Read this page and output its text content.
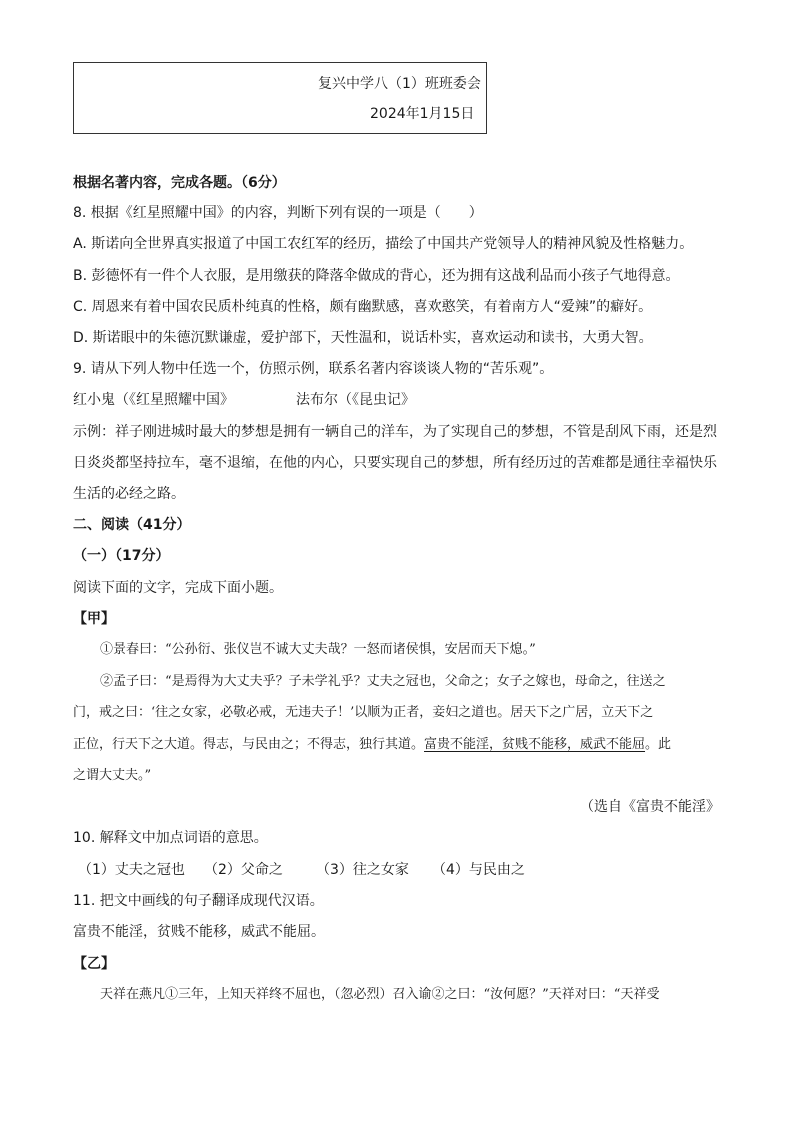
复兴中学八（1）班班委会
2024年1月15日
根据名著内容，完成各题。（6分）
8. 根据《红星照耀中国》的内容，判断下列有误的一项是（　　）
A. 斯诺向全世界真实报道了中国工农红军的经历，描绘了中国共产党领导人的精神风貌及性格魅力。
B. 彭德怀有一件个人衣服，是用缴获的降落伞做成的背心，还为拥有这战利品而小孩子气地得意。
C. 周恩来有着中国农民质朴纯真的性格，颇有幽默感，喜欢憨笑，有着南方人“爱辣”的癖好。
D. 斯诺眼中的朱德沉默谦虚，爱护部下，天性温和，说话朴实，喜欢运动和读书，大勇大智。
9. 请从下列人物中任选一个，仿照示例，联系名著内容谈谈人物的“苦乐观”。
红小鬼（《红星照耀中国》	法布尔（《昆虫记》
示例：祥子刚进城时最大的梦想是拥有一辆自己的洋车，为了实现自己的梦想，不管是刮风下雨，还是烈
日炎炎都坚持拉车，毫不退缩，在他的内心，只要实现自己的梦想，所有经历过的苦难都是通往幸福快乐
生活的必经之路。
二、阅读（41分）
（一）（17分）
阅读下面的文字，完成下面小题。
【甲】
①景春曰：“公孙衍、张仪岂不诚大丈夫哉？一怒而诸侯惧，安居而天下熄。”
②孟子曰：“是焉得为大丈夫乎？子未学礼乎？丈夫之冠也，父命之；女子之嫁也，母命之，往送之
门，戒之曰：‘往之女家，必敬必戒，无违夫子！’以顺为正者，妾妇之道也。居天下之广居，立天下之
正位，行天下之大道。得志，与民由之；不得志，独行其道。富贵不能淫，贫贱不能移，威武不能屈。此
之谓大丈夫。”
（选自《富贵不能淫》
10. 解释文中加点词语的意思。
（1）丈夫之冠也 （2）父命之 （3）往之女家 （4）与民由之
11. 把文中画线的句子翻译成现代汉语。
富贵不能淫，贫贱不能移，威武不能屈。
【乙】
天祥在燕凡①三年，上知天祥终不屈也，（忽必烈）召入谕②之曰：“汝何愿？”天祥对曰：“天祥受
